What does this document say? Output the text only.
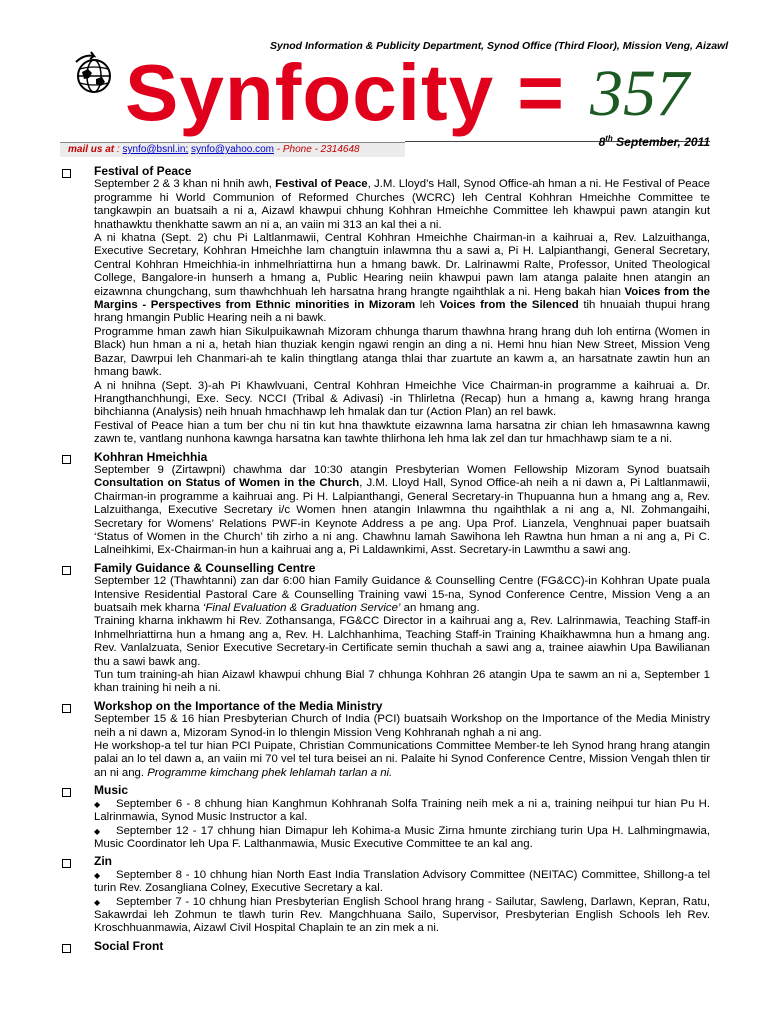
Synod Information & Publicity Department, Synod Office (Third Floor), Mission Veng, Aizawl
Synfocity = 357
8th September, 2011
mail us at : synfo@bsnl.in; synfo@yahoo.com - Phone - 2314648
Festival of Peace

September 2 & 3 khan ni hnih awh, Festival of Peace, J.M. Lloyd’s Hall, Synod Office-ah hman a ni. He Festival of Peace programme hi World Communion of Reformed Churches (WCRC) leh Central Kohhran Hmeichhe Committee te tangkawpin an buatsaih a ni a, Aizawl khawpui chhung Kohhran Hmeichhe Committee leh khawpui pawn atangin kut hnathawktu thenkhatte sawm an ni a, an vaiin mi 313 an kal thei a ni.

A ni khatna (Sept. 2) chu Pi Laltlanmawii, Central Kohhran Hmeichhe Chairman-in a kaihruai a, Rev. Lalzuithanga, Executive Secretary, Kohhran Hmeichhe lam changtuin inlawmna thu a sawi a, Pi H. Lalpianthangi, General Secretary, Central Kohhran Hmeichhia-in inhmelhriattirna hun a hmang bawk. Dr. Lalrinawmi Ralte, Professor, United Theological College, Bangalore-in hunserh a hmang a, Public Hearing neiin khawpui pawn lam atanga palaite hnen atangin an eizawnna chungchang, sum thawhchhuah leh harsatna hrang hrangte ngaihthlak a ni. Heng bakah hian Voices from the Margins - Perspectives from Ethnic minorities in Mizoram leh Voices from the Silenced tih hnuaiah thupui hrang hrang hmangin Public Hearing neih a ni bawk.

Programme hman zawh hian Sikulpuikawnah Mizoram chhunga tharum thawhna hrang hrang duh loh entirna (Women in Black) hun hman a ni a, hetah hian thuziak kengin ngawi rengin an ding a ni. Hemi hnu hian New Street, Mission Veng Bazar, Dawrpui leh Chanmari-ah te kalin thingtlang atanga thlai thar zuartute an kawm a, an harsatnate zawtin hun an hmang bawk.

A ni hnihna (Sept. 3)-ah Pi Khawlvuani, Central Kohhran Hmeichhe Vice Chairman-in programme a kaihruai a. Dr. Hrangthanchhungi, Exe. Secy. NCCI (Tribal & Adivasi) -in Thlirletna (Recap) hun a hmang a, kawng hrang hranga bihchianna (Analysis) neih hnuah hmachhawp leh hmalak dan tur (Action Plan) an rel bawk.

Festival of Peace hian a tum ber chu ni tin kut hna thawktute eizawnna lama harsatna zir chian leh hmasawnna kawng zawn te, vantlang nunhona kawnga harsatna kan tawhte thlirhona leh hma lak zel dan tur hmachhawp siam te a ni.

Kohhran Hmeichhia

September 9 (Zirtawpni) chawhma dar 10:30 atangin Presbyterian Women Fellowship Mizoram Synod buatsaih Consultation on Status of Women in the Church, J.M. Lloyd Hall, Synod Office-ah neih a ni dawn a, Pi Laltlanmawii, Chairman-in programme a kaihruai ang. Pi H. Lalpianthangi, General Secretary-in Thupuanna hun a hmang ang a, Rev. Lalzuithanga, Executive Secretary i/c Women hnen atangin Inlawmna thu ngaihthlak a ni ang a, Nl. Zohmangaihi, Secretary for Womens’ Relations PWF-in Keynote Address a pe ang. Upa Prof. Lianzela, Venghnuai paper buatsaih ‘Status of Women in the Church’ tih zirho a ni ang. Chawhnu lamah Sawihona leh Rawtna hun hman a ni ang a, Pi C. Lalneihkimi, Ex-Chairman-in hun a kaihruai ang a, Pi Laldawnkimi, Asst. Secretary-in Lawmthu a sawi ang.

Family Guidance & Counselling Centre

September 12 (Thawhtanni) zan dar 6:00 hian Family Guidance & Counselling Centre (FG&CC)-in Kohhran Upate puala Intensive Residential Pastoral Care & Counselling Training vawi 15-na, Synod Conference Centre, Mission Veng a an buatsaih mek kharna ‘Final Evaluation & Graduation Service’ an hmang ang.

Training kharna inkhawm hi Rev. Zothansanga, FG&CC Director in a kaihruai ang a, Rev. Lalrinmawia, Teaching Staff-in Inhmelhriattirna hun a hmang ang a, Rev. H. Lalchhanhima, Teaching Staff-in Training Khaikhawmna hun a hmang ang. Rev. Vanlalzuata, Senior Executive Secretary-in Certificate semin thuchah a sawi ang a, trainee aiawhin Upa Bawilianan thu a sawi bawk ang.

Tun tum training-ah hian Aizawl khawpui chhung Bial 7 chhunga Kohhran 26 atangin Upa te sawm an ni a, September 1 khan training hi neih a ni.

Workshop on the Importance of the Media Ministry

September 15 & 16 hian Presbyterian Church of India (PCI) buatsaih Workshop on the Importance of the Media Ministry neih a ni dawn a, Mizoram Synod-in lo thlengin Mission Veng Kohhranah nghah a ni ang.

He workshop-a tel tur hian PCI Puipate, Christian Communications Committee Member-te leh Synod hrang hrang atangin palai an lo tel dawn a, an vaiin mi 70 vel tel tura beisei an ni. Palaite hi Synod Conference Centre, Mission Vengah thlen tir an ni ang. Programme kimchang phek lehlamah tarlan a ni.

Music

◆ September 6 - 8 chhung hian Kanghmun Kohhranah Solfa Training neih mek a ni a, training neihpui tur hian Pu H. Lalrinmawia, Synod Music Instructor a kal.

◆ September 12 - 17 chhung hian Dimapur leh Kohima-a Music Zirna hmunte zirchiang turin Upa H. Lalhmingmawia, Music Coordinator leh Upa F. Lalthanmawia, Music Executive Committee te an kal ang.

Zin

◆ September 8 - 10 chhung hian North East India Translation Advisory Committee (NEITAC) Committee, Shillong-a tel turin Rev. Zosangliana Colney, Executive Secretary a kal.

◆ September 7 - 10 chhung hian Presbyterian English School hrang hrang - Sailutar, Sawleng, Darlawn, Kepran, Ratu, Sakawrdai leh Zohmun te tlawh turin Rev. Mangchhuana Sailo, Supervisor, Presbyterian English Schools leh Rev. Kroschhuanmawia, Aizawl Civil Hospital Chaplain te an zin mek a ni.

Social Front
